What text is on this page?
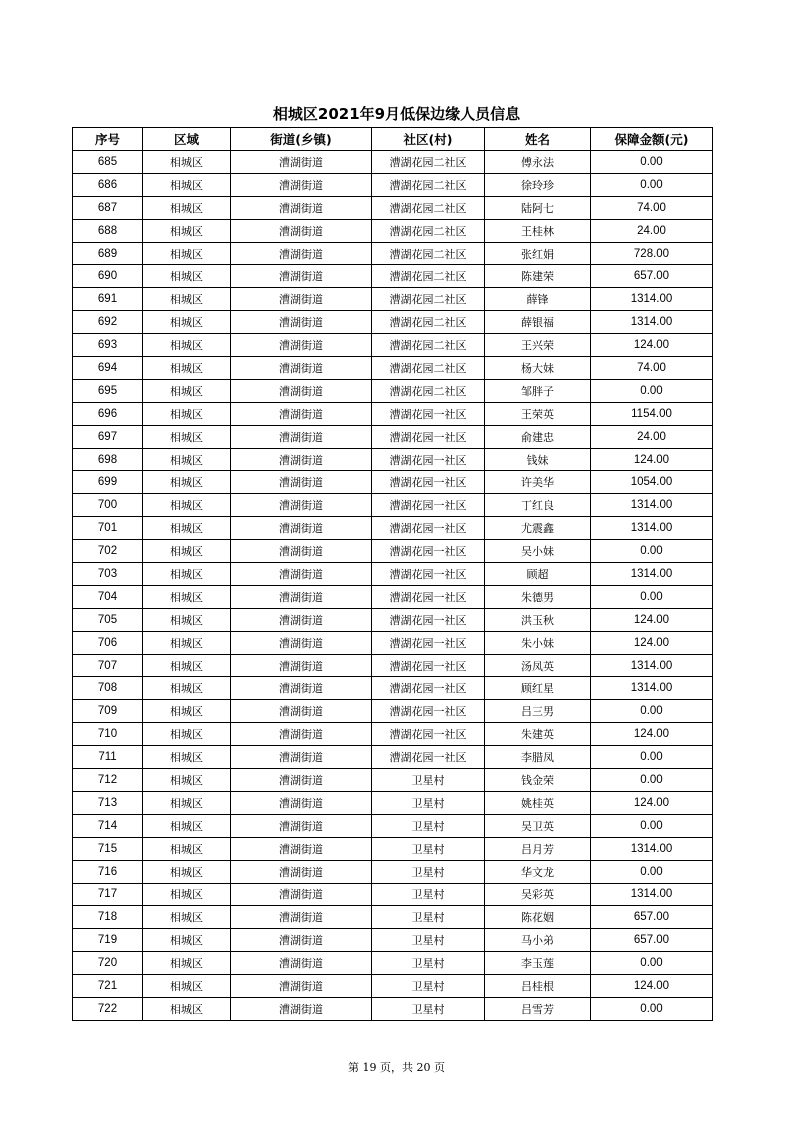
相城区2021年9月低保边缘人员信息
序号	区域	街道(乡镇)	社区(村)	姓名	保障金额(元)
685	相城区	漕湖街道	漕湖花园二社区	傅永法	0.00
686	相城区	漕湖街道	漕湖花园二社区	徐玲珍	0.00
687	相城区	漕湖街道	漕湖花园二社区	陆阿七	74.00
688	相城区	漕湖街道	漕湖花园二社区	王桂林	24.00
689	相城区	漕湖街道	漕湖花园二社区	张红娟	728.00
690	相城区	漕湖街道	漕湖花园二社区	陈建荣	657.00
691	相城区	漕湖街道	漕湖花园二社区	薛锋	1314.00
692	相城区	漕湖街道	漕湖花园二社区	薛银福	1314.00
693	相城区	漕湖街道	漕湖花园二社区	王兴荣	124.00
694	相城区	漕湖街道	漕湖花园二社区	杨大妹	74.00
695	相城区	漕湖街道	漕湖花园二社区	邹胖子	0.00
696	相城区	漕湖街道	漕湖花园一社区	王荣英	1154.00
697	相城区	漕湖街道	漕湖花园一社区	俞建忠	24.00
698	相城区	漕湖街道	漕湖花园一社区	钱妹	124.00
699	相城区	漕湖街道	漕湖花园一社区	许美华	1054.00
700	相城区	漕湖街道	漕湖花园一社区	丁红良	1314.00
701	相城区	漕湖街道	漕湖花园一社区	尤震鑫	1314.00
702	相城区	漕湖街道	漕湖花园一社区	吴小妹	0.00
703	相城区	漕湖街道	漕湖花园一社区	顾超	1314.00
704	相城区	漕湖街道	漕湖花园一社区	朱德男	0.00
705	相城区	漕湖街道	漕湖花园一社区	洪玉秋	124.00
706	相城区	漕湖街道	漕湖花园一社区	朱小妹	124.00
707	相城区	漕湖街道	漕湖花园一社区	汤凤英	1314.00
708	相城区	漕湖街道	漕湖花园一社区	顾红星	1314.00
709	相城区	漕湖街道	漕湖花园一社区	吕三男	0.00
710	相城区	漕湖街道	漕湖花园一社区	朱建英	124.00
711	相城区	漕湖街道	漕湖花园一社区	李腊凤	0.00
712	相城区	漕湖街道	卫星村	钱金荣	0.00
713	相城区	漕湖街道	卫星村	姚桂英	124.00
714	相城区	漕湖街道	卫星村	吴卫英	0.00
715	相城区	漕湖街道	卫星村	吕月芳	1314.00
716	相城区	漕湖街道	卫星村	华文龙	0.00
717	相城区	漕湖街道	卫星村	吴彩英	1314.00
718	相城区	漕湖街道	卫星村	陈花姻	657.00
719	相城区	漕湖街道	卫星村	马小弟	657.00
720	相城区	漕湖街道	卫星村	李玉莲	0.00
721	相城区	漕湖街道	卫星村	吕桂根	124.00
722	相城区	漕湖街道	卫星村	吕雪芳	0.00
第 19 页，共 20 页
